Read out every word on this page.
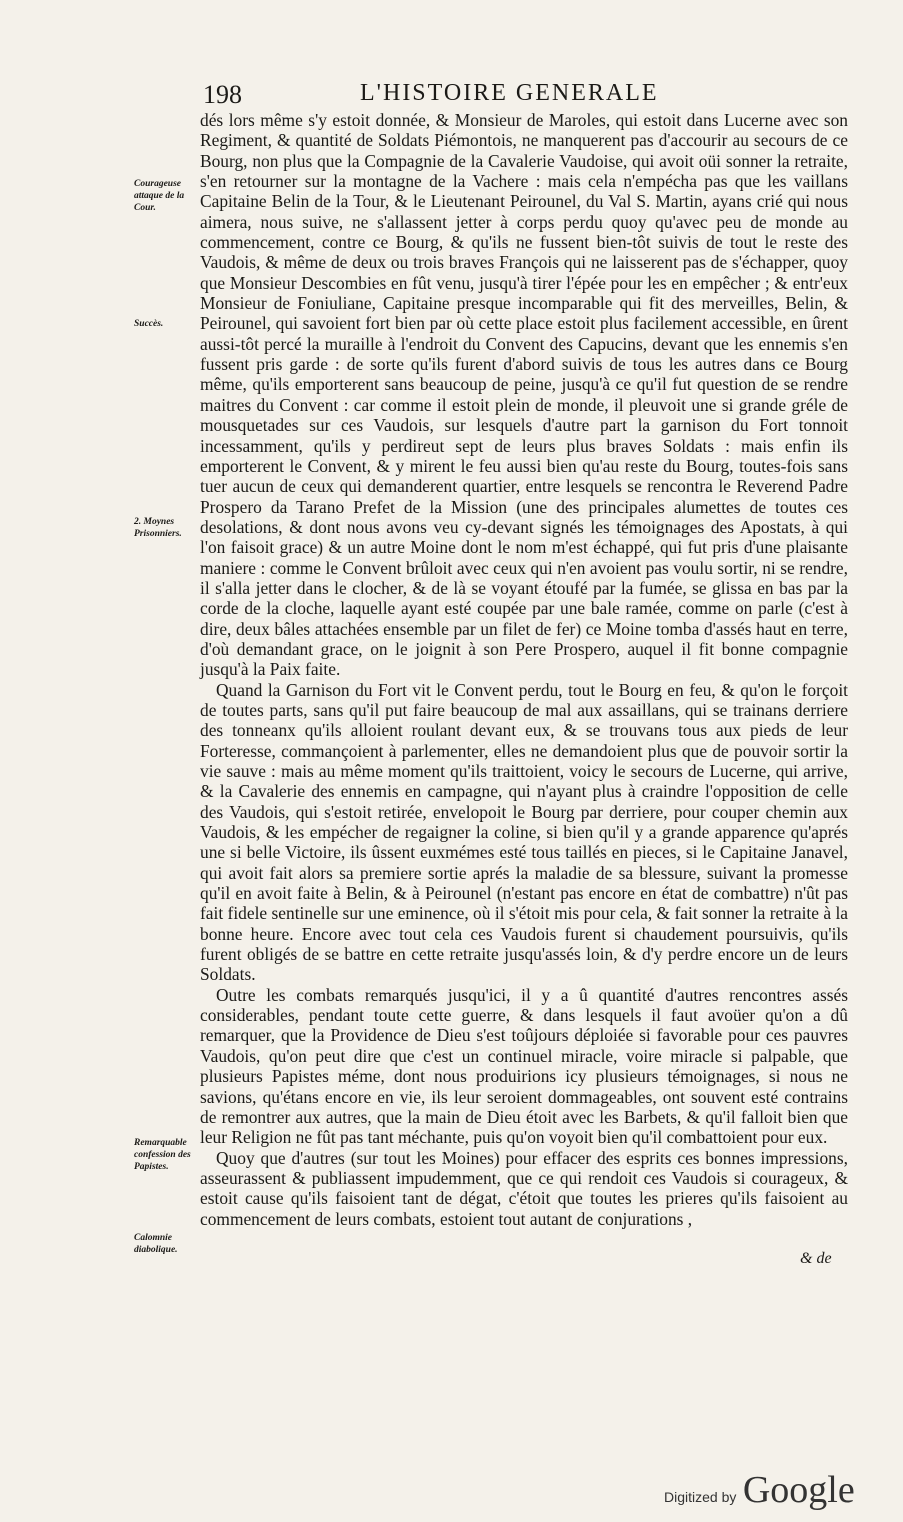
198	L'HISTOIRE GENERALE
Courageuse attaque de la Cour.
Succès.
2. Moynes Prisonniers.
Remarquable confession des Papistes.
Calomnie diabolique.

dés lors même s'y estoit donnée, & Monsieur de Maroles, qui estoit dans Lucerne avec son Regiment, & quantité de Soldats Piémontois, ne manquerent pas d'accourir au secours de ce Bourg, non plus que la Compagnie de la Cavalerie Vaudoise, qui avoit oüi sonner la retraite, s'en retourner sur la montagne de la Vachere : mais cela n'empécha pas que les vaillans Capitaine Belin de la Tour, & le Lieutenant Peirounel, du Val S. Martin, ayans crié qui nous aimera, nous suive, ne s'allassent jetter à corps perdu quoy qu'avec peu de monde au commencement, contre ce Bourg, & qu'ils ne fussent bien-tôt suivis de tout le reste des Vaudois, & même de deux ou trois braves François qui ne laisserent pas de s'échapper, quoy que Monsieur Descombies en fût venu, jusqu'à tirer l'épée pour les en empêcher ; & entr'eux Monsieur de Foniuliane, Capitaine presque incomparable qui fit des merveilles, Belin, & Peirounel, qui savoient fort bien par où cette place estoit plus facilement accessible, en ûrent aussi-tôt percé la muraille à l'endroit du Convent des Capucins, devant que les ennemis s'en fussent pris garde : de sorte qu'ils furent d'abord suivis de tous les autres dans ce Bourg même, qu'ils emporterent sans beaucoup de peine, jusqu'à ce qu'il fut question de se rendre maitres du Convent : car comme il estoit plein de monde, il pleuvoit une si grande gréle de mousquetades sur ces Vaudois, sur lesquels d'autre part la garnison du Fort tonnoit incessamment, qu'ils y perdireut sept de leurs plus braves Soldats : mais enfin ils emporterent le Convent, & y mirent le feu aussi bien qu'au reste du Bourg, toutes-fois sans tuer aucun de ceux qui demanderent quartier, entre lesquels se rencontra le Reverend Padre Prospero da Tarano Prefet de la Mission (une des principales alumettes de toutes ces desolations, & dont nous avons veu cy-devant signés les témoignages des Apostats, à qui l'on faisoit grace) & un autre Moine dont le nom m'est échappé, qui fut pris d'une plaisante maniere : comme le Convent brûloit avec ceux qui n'en avoient pas voulu sortir, ni se rendre, il s'alla jetter dans le clocher, & de là se voyant étoufé par la fumée, se glissa en bas par la corde de la cloche, laquelle ayant esté coupée par une bale ramée, comme on parle (c'est à dire, deux bâles attachées ensemble par un filet de fer) ce Moine tomba d'assés haut en terre, d'où demandant grace, on le joignit à son Pere Prospero, auquel il fit bonne compagnie jusqu'à la Paix faite.

Quand la Garnison du Fort vit le Convent perdu, tout le Bourg en feu, & qu'on le forçoit de toutes parts, sans qu'il put faire beaucoup de mal aux assaillans, qui se trainans derriere des tonneanx qu'ils alloient roulant devant eux, & se trouvans tous aux pieds de leur Forteresse, commançoient à parlementer, elles ne demandoient plus que de pouvoir sortir la vie sauve : mais au même moment qu'ils traittoient, voicy le secours de Lucerne, qui arrive, & la Cavalerie des ennemis en campagne, qui n'ayant plus à craindre l'opposition de celle des Vaudois, qui s'estoit retirée, envelopoit le Bourg par derriere, pour couper chemin aux Vaudois, & les empécher de regaigner la coline, si bien qu'il y a grande apparence qu'aprés une si belle Victoire, ils ûssent euxmémes esté tous taillés en pieces, si le Capitaine Janavel, qui avoit fait alors sa premiere sortie aprés la maladie de sa blessure, suivant la promesse qu'il en avoit faite à Belin, & à Peirounel (n'estant pas encore en état de combattre) n'ût pas fait fidele sentinelle sur une eminence, où il s'étoit mis pour cela, & fait sonner la retraite à la bonne heure. Encore avec tout cela ces Vaudois furent si chaudement poursuivis, qu'ils furent obligés de se battre en cette retraite jusqu'assés loin, & d'y perdre encore un de leurs Soldats.

Outre les combats remarqués jusqu'ici, il y a û quantité d'autres rencontres assés considerables, pendant toute cette guerre, & dans lesquels il faut avoüer qu'on a dû remarquer, que la Providence de Dieu s'est toûjours déploiée si favorable pour ces pauvres Vaudois, qu'on peut dire que c'est un continuel miracle, voire miracle si palpable, que plusieurs Papistes méme, dont nous produirions icy plusieurs témoignages, si nous ne savions, qu'étans encore en vie, ils leur seroient dommageables, ont souvent esté contrains de remontrer aux autres, que la main de Dieu étoit avec les Barbets, & qu'il falloit bien que leur Religion ne fût pas tant méchante, puis qu'on voyoit bien qu'il combattoient pour eux.

Quoy que d'autres (sur tout les Moines) pour effacer des esprits ces bonnes impressions, asseurassent & publiassent impudemment, que ce qui rendoit ces Vaudois si courageux, & estoit cause qu'ils faisoient tant de dégat, c'étoit que toutes les prieres qu'ils faisoient au commencement de leurs combats, estoient tout autant de conjurations ,

& de
Digitized by Google
